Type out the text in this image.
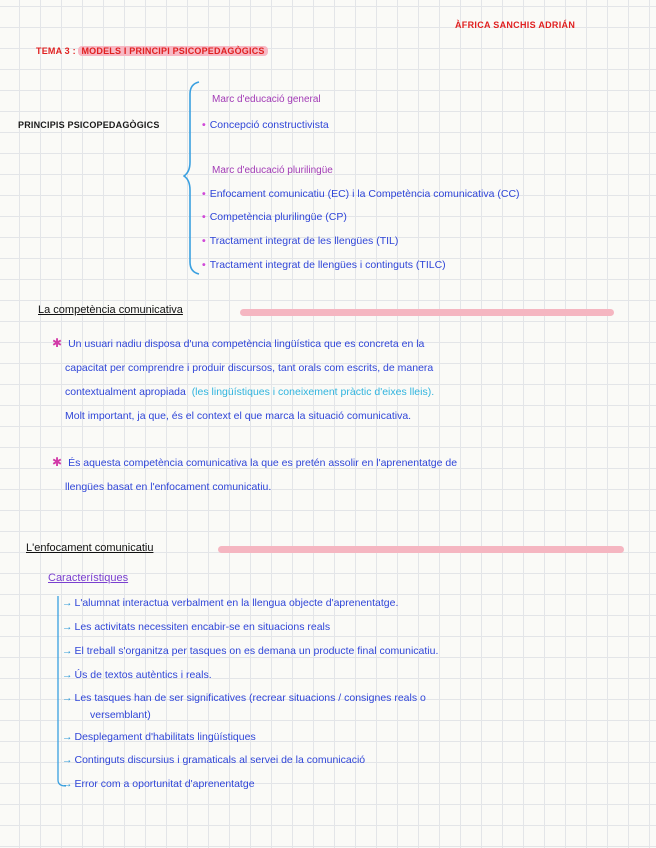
ÀFRICA SANCHIS ADRIÁN
TEMA 3 : MODELS I PRINCIPI PSICOPEDAGÒGICS
PRINCIPIS PSICOPEDAGÒGICS
Marc d'educació general
• Concepció constructivista
Marc d'educació plurilingüe
• Enfocament comunicatiu (EC) i la Competència comunicativa (CC)
• Competència plurilingüe (CP)
• Tractament integrat de les llengües (TIL)
• Tractament integrat de llengües i continguts (TILC)
La competència comunicativa
✱ Un usuari nadiu disposa d'una competència lingüística que es concreta en la
capacitat per comprendre i produir discursos, tant orals com escrits, de manera
contextualment apropiada (les lingüístiques i coneixement pràctic d'eixes lleis).
Molt important, ja que, és el context el que marca la situació comunicativa.
✱ És aquesta competència comunicativa la que es pretén assolir en l'aprenentatge de
llengües basat en l'enfocament comunicatiu.
L'enfocament comunicatiu
Característiques
→ L'alumnat interactua verbalment en la llengua objecte d'aprenentatge.
→ Les activitats necessiten encabir-se en situacions reals
→ El treball s'organitza per tasques on es demana un producte final comunicatiu.
→ Ús de textos autèntics i reals.
→ Les tasques han de ser significatives (recrear situacions / consignes reals o
versemblant)
→ Desplegament d'habilitats lingüístiques
→ Continguts discursius i gramaticals al servei de la comunicació
→ Error com a oportunitat d'aprenentatge
